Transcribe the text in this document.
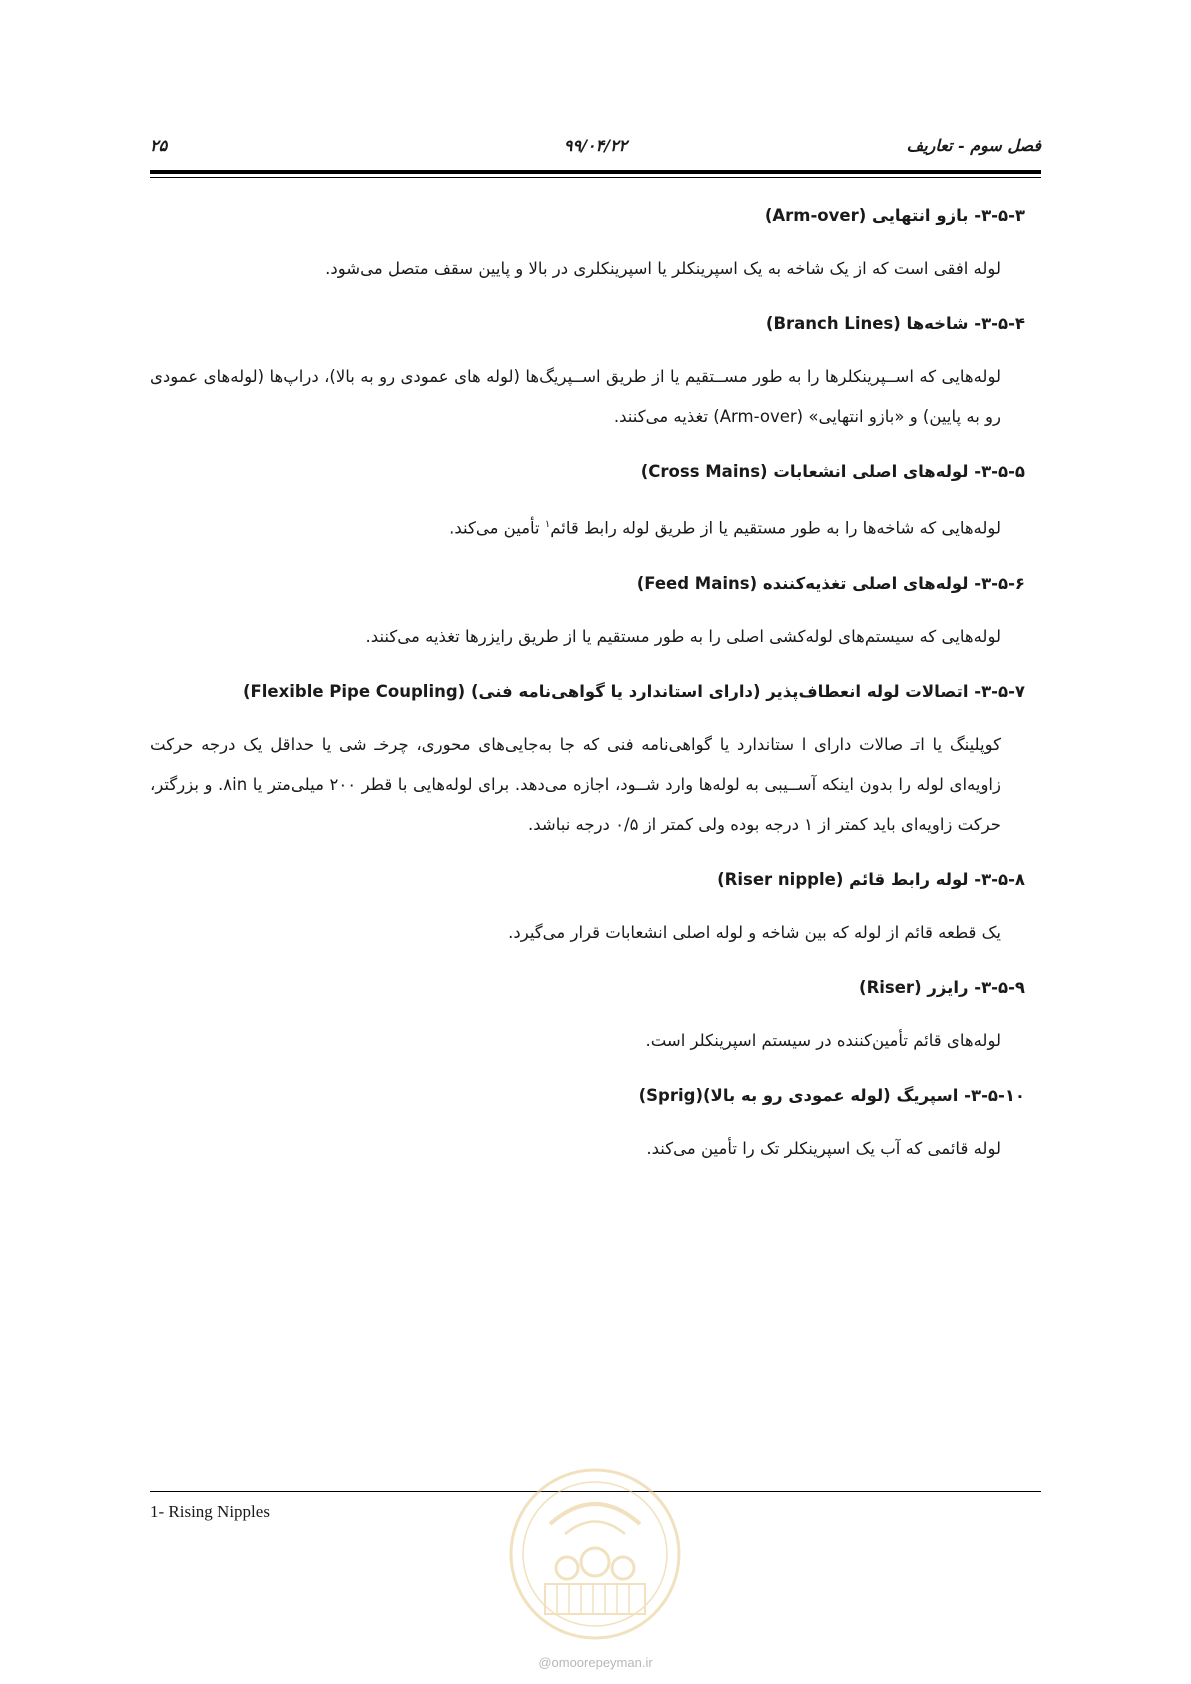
۲۵	۹۹/۰۴/۲۲	فصل سوم - تعاریف
۳-۵-۳- بازو انتهایی (Arm-over)
لوله افقی است که از یک شاخه به یک اسپرینکلر یا اسپرینکلری در بالا و پایین سقف متصل می‌شود.
۳-۵-۴- شاخه‌ها (Branch Lines)
لوله‌هایی که اســپرینکلرها را به طور مســتقیم یا از طریق اســپریگ‌ها (لوله های عمودی رو به بالا)، دراپ‌ها (لوله‌های عمودی رو به پایین) و «بازو انتهایی» (Arm-over) تغذیه می‌کنند.
۳-۵-۵- لوله‌های اصلی انشعابات (Cross Mains)
لوله‌هایی که شاخه‌ها را به طور مستقیم یا از طریق لوله رابط قائم$^۱$ تأمین می‌کند.
۳-۵-۶- لوله‌های اصلی تغذیه‌کننده (Feed Mains)
لوله‌هایی که سیستم‌های لوله‌کشی اصلی را به طور مستقیم یا از طریق رایزرها تغذیه می‌کنند.
۳-۵-۷- اتصالات لوله انعطاف‌پذیر (دارای استاندارد یا گواهی‌نامه فنی) (Flexible Pipe Coupling)
کوپلینگ یا اتـ صالات دارای ا ستاندارد یا گواهی‌نامه فنی که جا به‌جایی‌های محوری، چرخـ شی یا حداقل یک درجه حرکت زاویه‌ای لوله را بدون اینکه آســیبی به لوله‌ها وارد شــود، اجازه می‌دهد. برای لوله‌هایی با قطر ۲۰۰ میلی‌متر یا ۸in. و بزرگتر، حرکت زاویه‌ای باید کمتر از ۱ درجه بوده ولی کمتر از ۰/۵ درجه نباشد.
۳-۵-۸- لوله رابط قائم (Riser nipple)
یک قطعه قائم از لوله که بین شاخه و لوله اصلی انشعابات قرار می‌گیرد.
۳-۵-۹- رایزر (Riser)
لوله‌های قائم تأمین‌کننده در سیستم اسپرینکلر است.
۳-۵-۱۰- اسپریگ (لوله عمودی رو به بالا)(Sprig)
لوله قائمی که آب یک اسپرینکلر تک را تأمین می‌کند.
1- Rising Nipples
@omoorepeyman.ir
